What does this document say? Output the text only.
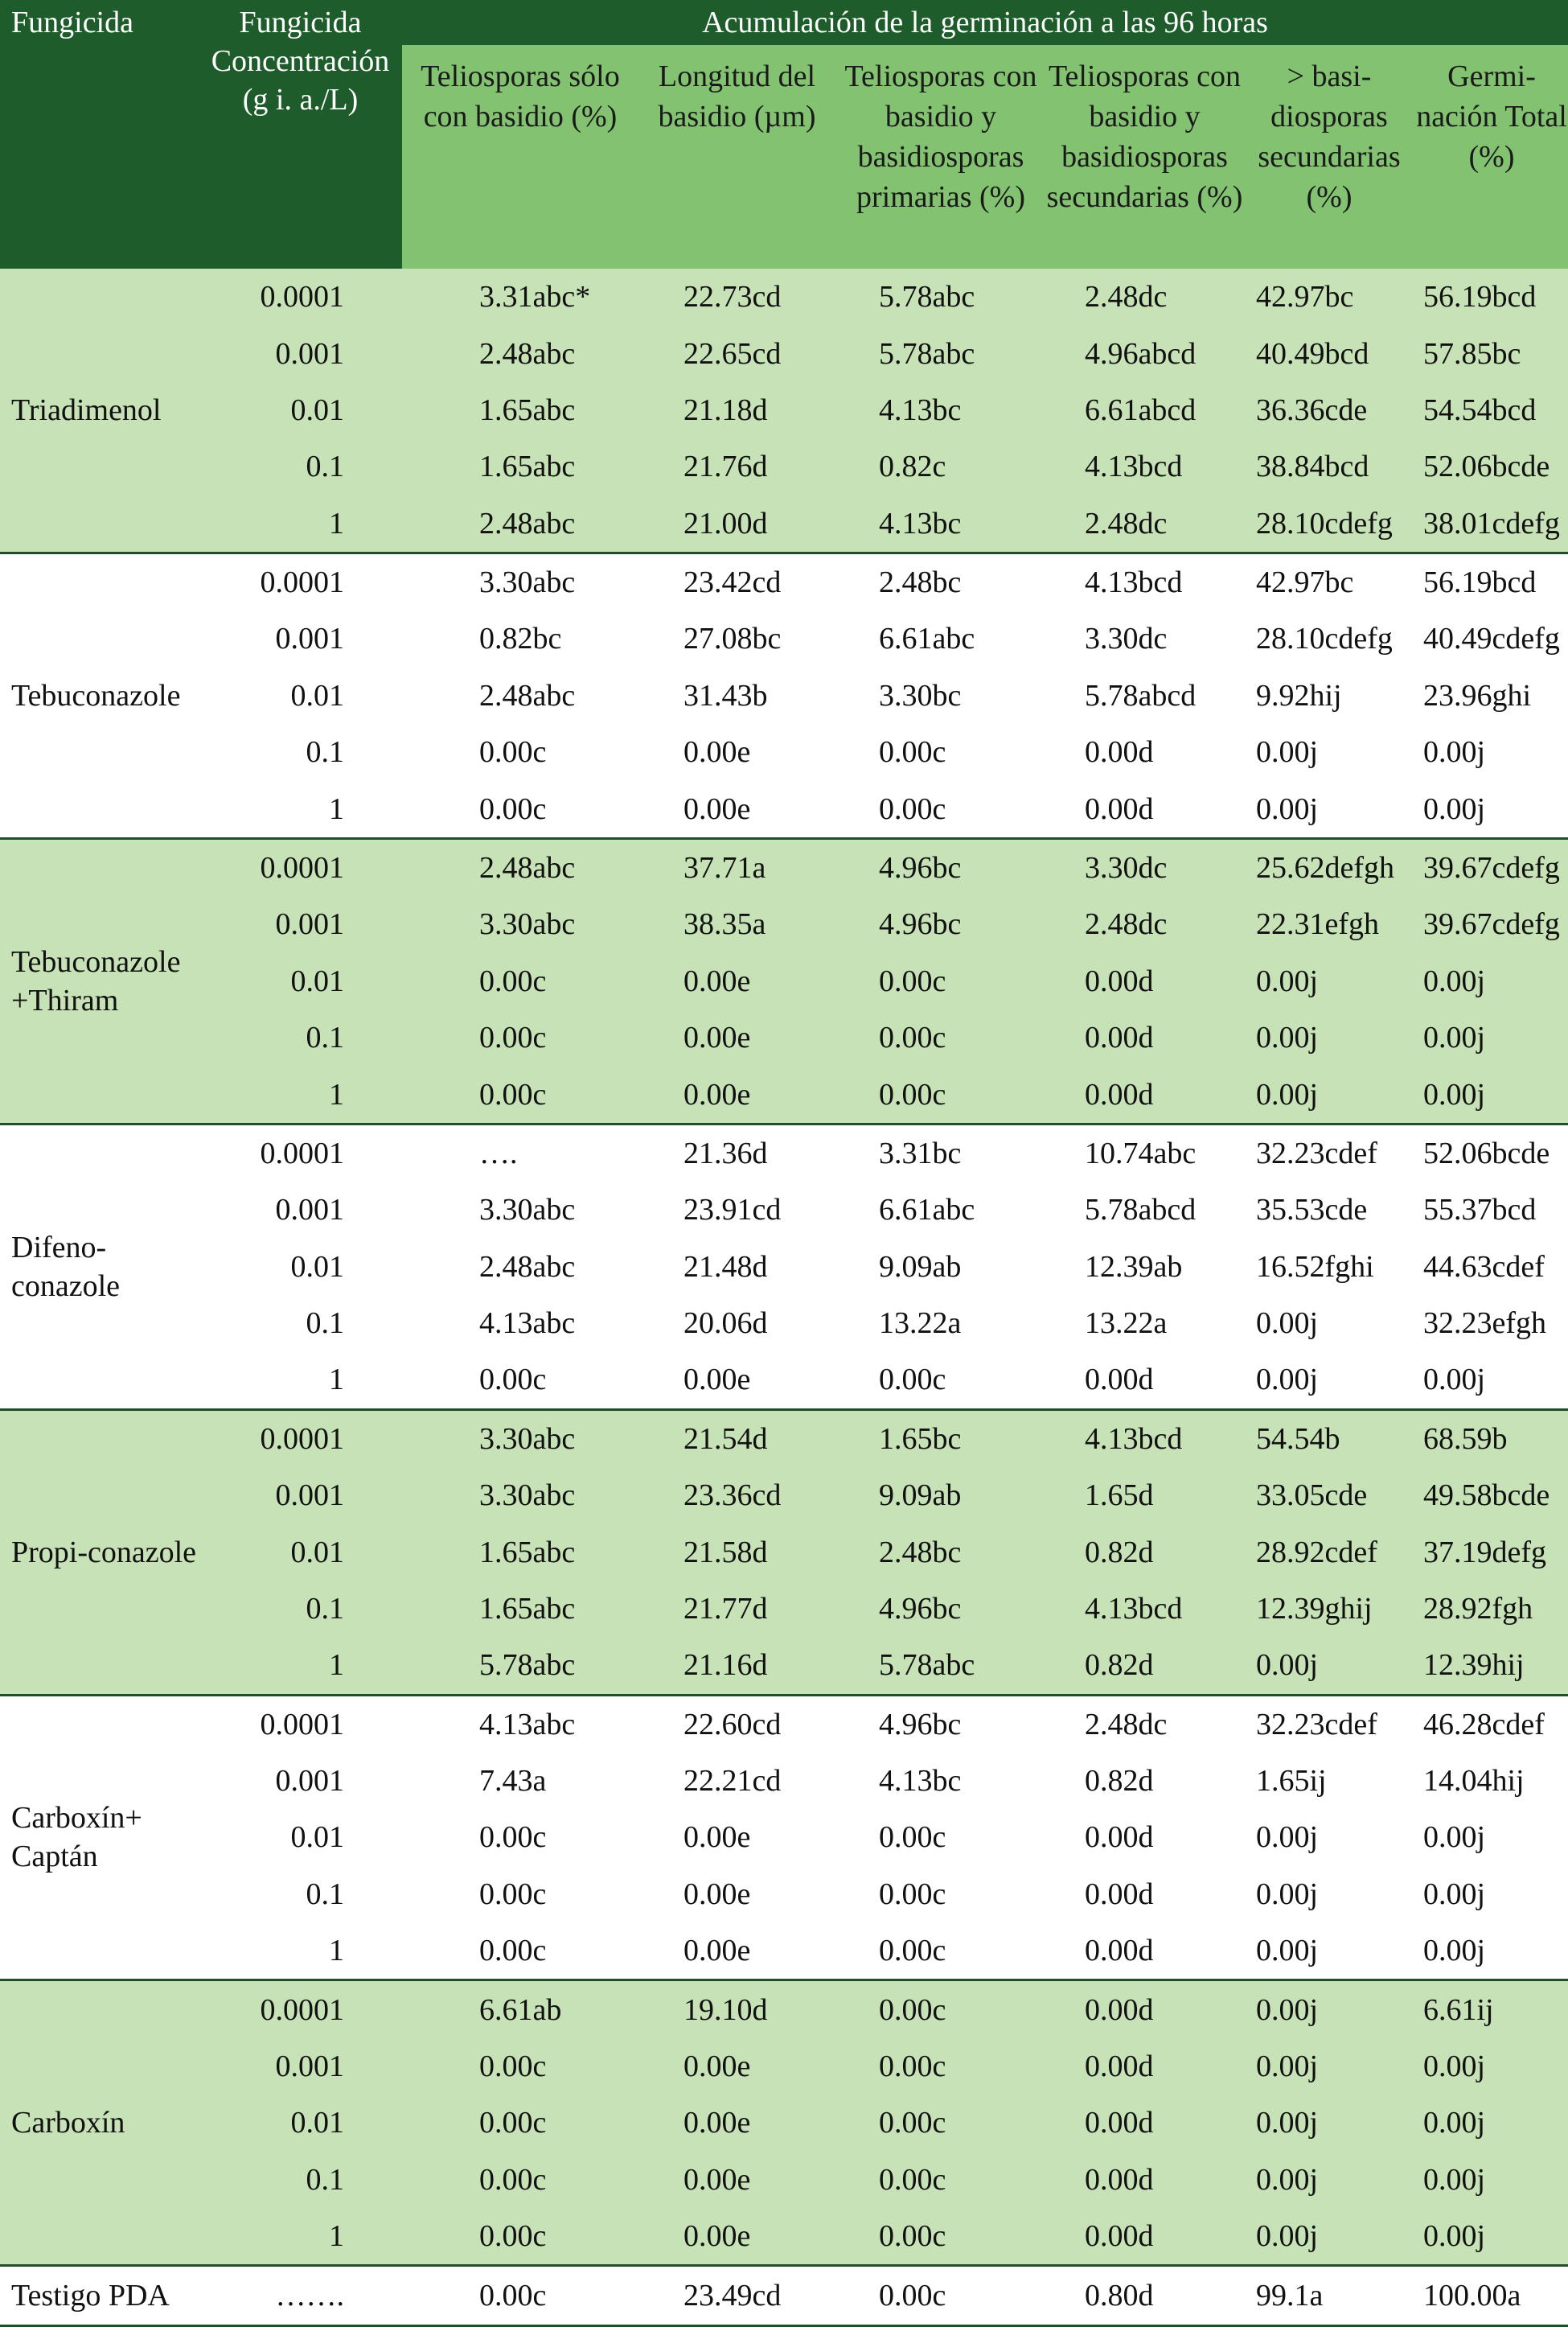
Fungicida	Fungicida Concentración (g i. a./L)	Acumulación de la germinación a las 96 horas					

		Teliosporas sólo con basidio (%)	Longitud del basidio (µm)	Teliosporas con basidio y basidiosporas primarias (%)	Teliosporas con basidio y basidiosporas secundarias (%)	> basi-diosporas secundarias (%)	Germi-nación Total (%)

Triadimenol	0.0001	3.31abc*	22.73cd	5.78abc	2.48dc	42.97bc	56.19bcd
	0.001	2.48abc	22.65cd	5.78abc	4.96abcd	40.49bcd	57.85bc
	0.01	1.65abc	21.18d	4.13bc	6.61abcd	36.36cde	54.54bcd
	0.1	1.65abc	21.76d	0.82c	4.13bcd	38.84bcd	52.06bcde
	1	2.48abc	21.00d	4.13bc	2.48dc	28.10cdefg	38.01cdefg
Tebuconazole	0.0001	3.30abc	23.42cd	2.48bc	4.13bcd	42.97bc	56.19bcd
	0.001	0.82bc	27.08bc	6.61abc	3.30dc	28.10cdefg	40.49cdefg
	0.01	2.48abc	31.43b	3.30bc	5.78abcd	9.92hij	23.96ghi
	0.1	0.00c	0.00e	0.00c	0.00d	0.00j	0.00j
	1	0.00c	0.00e	0.00c	0.00d	0.00j	0.00j
Tebuconazole +Thiram	0.0001	2.48abc	37.71a	4.96bc	3.30dc	25.62defgh	39.67cdefg
	0.001	3.30abc	38.35a	4.96bc	2.48dc	22.31efgh	39.67cdefg
	0.01	0.00c	0.00e	0.00c	0.00d	0.00j	0.00j
	0.1	0.00c	0.00e	0.00c	0.00d	0.00j	0.00j
	1	0.00c	0.00e	0.00c	0.00d	0.00j	0.00j
Difeno-conazole	0.0001	….	21.36d	3.31bc	10.74abc	32.23cdef	52.06bcde
	0.001	3.30abc	23.91cd	6.61abc	5.78abcd	35.53cde	55.37bcd
	0.01	2.48abc	21.48d	9.09ab	12.39ab	16.52fghi	44.63cdef
	0.1	4.13abc	20.06d	13.22a	13.22a	0.00j	32.23efgh
	1	0.00c	0.00e	0.00c	0.00d	0.00j	0.00j
Propi-conazole	0.0001	3.30abc	21.54d	1.65bc	4.13bcd	54.54b	68.59b
	0.001	3.30abc	23.36cd	9.09ab	1.65d	33.05cde	49.58bcde
	0.01	1.65abc	21.58d	2.48bc	0.82d	28.92cdef	37.19defg
	0.1	1.65abc	21.77d	4.96bc	4.13bcd	12.39ghij	28.92fgh
	1	5.78abc	21.16d	5.78abc	0.82d	0.00j	12.39hij
Carboxín+ Captán	0.0001	4.13abc	22.60cd	4.96bc	2.48dc	32.23cdef	46.28cdef
	0.001	7.43a	22.21cd	4.13bc	0.82d	1.65ij	14.04hij
	0.01	0.00c	0.00e	0.00c	0.00d	0.00j	0.00j
	0.1	0.00c	0.00e	0.00c	0.00d	0.00j	0.00j
	1	0.00c	0.00e	0.00c	0.00d	0.00j	0.00j
Carboxín	0.0001	6.61ab	19.10d	0.00c	0.00d	0.00j	6.61ij
	0.001	0.00c	0.00e	0.00c	0.00d	0.00j	0.00j
	0.01	0.00c	0.00e	0.00c	0.00d	0.00j	0.00j
	0.1	0.00c	0.00e	0.00c	0.00d	0.00j	0.00j
	1	0.00c	0.00e	0.00c	0.00d	0.00j	0.00j
Testigo PDA	…….	0.00c	23.49cd	0.00c	0.80d	99.1a	100.00a
